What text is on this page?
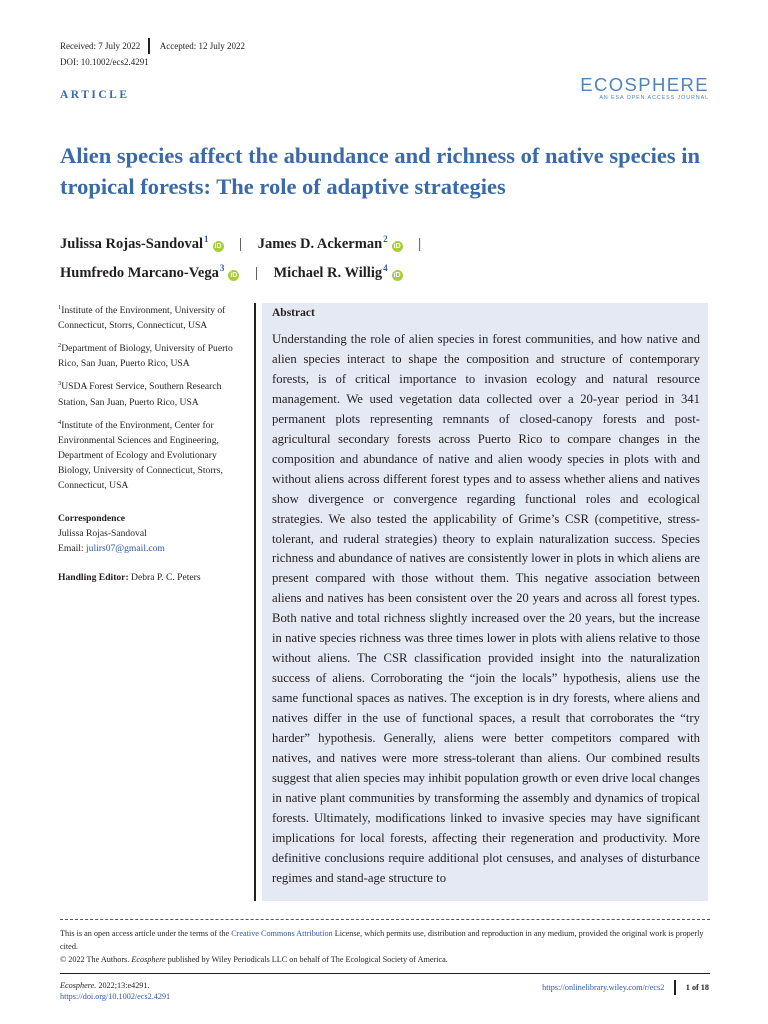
Received: 7 July 2022 Accepted: 12 July 2022
DOI: 10.1002/ecs2.4291
ARTICLE	ECOSPHERE
AN ESA OPEN ACCESS JOURNAL
Alien species affect the abundance and richness of native species in tropical forests: The role of adaptive strategies
Julissa Rojas-Sandoval$^1$iD | James D. Ackerman$^2$iD |
Humfredo Marcano-Vega$^3$iD | Michael R. Willig$^4$iD

$^1$Institute of the Environment, University of Connecticut, Storrs, Connecticut, USA

$^2$Department of Biology, University of Puerto Rico, San Juan, Puerto Rico, USA

$^3$USDA Forest Service, Southern Research Station, San Juan, Puerto Rico, USA

$^4$Institute of the Environment, Center for Environmental Sciences and Engineering, Department of Ecology and Evolutionary Biology, University of Connecticut, Storrs, Connecticut, USA

Correspondence
Julissa Rojas-Sandoval
Email: julirs07@gmail.com
Handling Editor: Debra P. C. Peters
Abstract

Understanding the role of alien species in forest communities, and how native and alien species interact to shape the composition and structure of contemporary forests, is of critical importance to invasion ecology and natural resource management. We used vegetation data collected over a 20-year period in 341 permanent plots representing remnants of closed-canopy forests and post-agricultural secondary forests across Puerto Rico to compare changes in the composition and abundance of native and alien woody species in plots with and without aliens across different forest types and to assess whether aliens and natives show divergence or convergence regarding functional roles and ecological strategies. We also tested the applicability of Grime’s CSR (competitive, stress-tolerant, and ruderal strategies) theory to explain naturalization success. Species richness and abundance of natives are consistently lower in plots in which aliens are present compared with those without them. This negative association between aliens and natives has been consistent over the 20 years and across all forest types. Both native and total richness slightly increased over the 20 years, but the increase in native species richness was three times lower in plots with aliens relative to those without aliens. The CSR classification provided insight into the naturalization success of aliens. Corroborating the “join the locals” hypothesis, aliens use the same functional spaces as natives. The exception is in dry forests, where aliens and natives differ in the use of functional spaces, a result that corroborates the “try harder” hypothesis. Generally, aliens were better competitors compared with natives, and natives were more stress-tolerant than aliens. Our combined results suggest that alien species may inhibit population growth or even drive local changes in native plant communities by transforming the assembly and dynamics of tropical forests. Ultimately, modifications linked to invasive species may have significant implications for local forests, affecting their regeneration and productivity. More definitive conclusions require additional plot censuses, and analyses of disturbance regimes and stand-age structure to

This is an open access article under the terms of the Creative Commons Attribution License, which permits use, distribution and reproduction in any medium, provided the original work is properly cited.

© 2022 The Authors. Ecosphere published by Wiley Periodicals LLC on behalf of The Ecological Society of America.

Ecosphere. 2022;13:e4291.
https://doi.org/10.1002/ecs2.4291
https://onlinelibrary.wiley.com/r/ecs2	1 of 18
